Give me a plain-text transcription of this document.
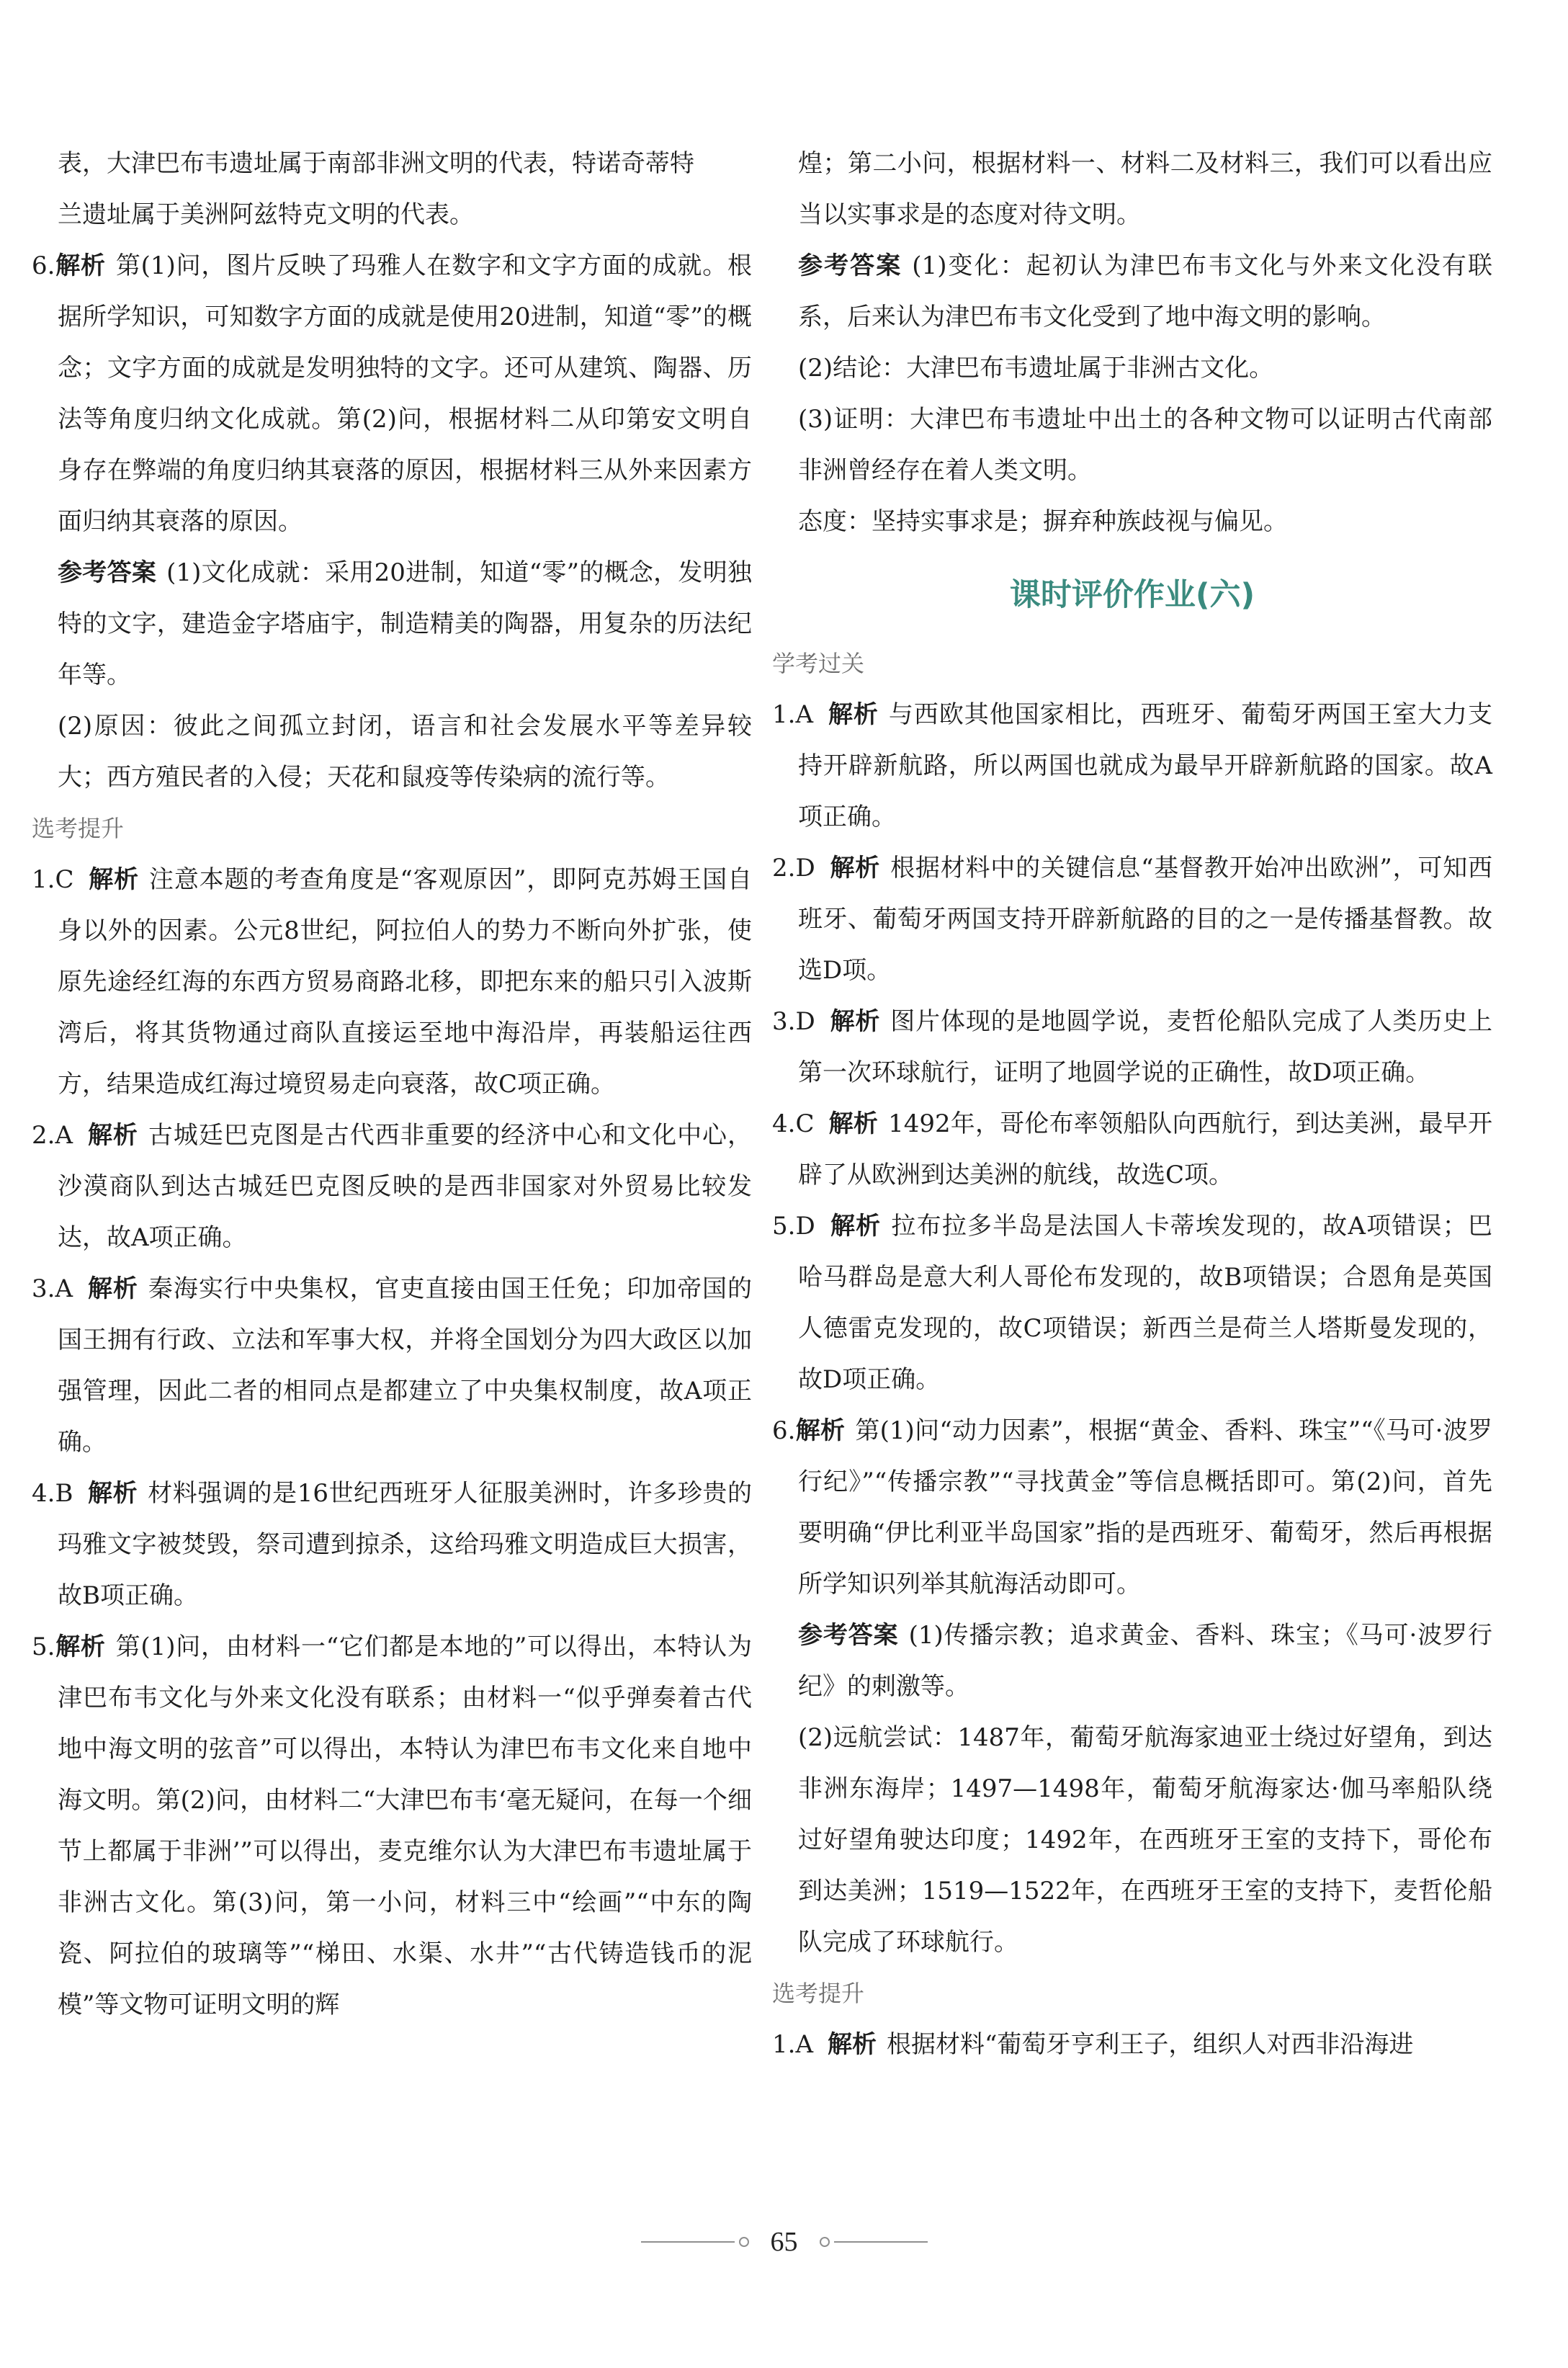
表，大津巴布韦遗址属于南部非洲文明的代表，特诺奇蒂特
兰遗址属于美洲阿兹特克文明的代表。

6.解析 第(1)问，图片反映了玛雅人在数字和文字方面的成就。根据所学知识，可知数字方面的成就是使用20进制，知道“零”的概念；文字方面的成就是发明独特的文字。还可从建筑、陶器、历法等角度归纳文化成就。第(2)问，根据材料二从印第安文明自身存在弊端的角度归纳其衰落的原因，根据材料三从外来因素方面归纳其衰落的原因。

参考答案 (1)文化成就：采用20进制，知道“零”的概念，发明独特的文字，建造金字塔庙宇，制造精美的陶器，用复杂的历法纪年等。

(2)原因：彼此之间孤立封闭，语言和社会发展水平等差异较大；西方殖民者的入侵；天花和鼠疫等传染病的流行等。

选考提升

1.C 解析 注意本题的考查角度是“客观原因”，即阿克苏姆王国自身以外的因素。公元8世纪，阿拉伯人的势力不断向外扩张，使原先途经红海的东西方贸易商路北移，即把东来的船只引入波斯湾后，将其货物通过商队直接运至地中海沿岸，再装船运往西方，结果造成红海过境贸易走向衰落，故C项正确。

2.A 解析 古城廷巴克图是古代西非重要的经济中心和文化中心，沙漠商队到达古城廷巴克图反映的是西非国家对外贸易比较发达，故A项正确。

3.A 解析 秦海实行中央集权，官吏直接由国王任免；印加帝国的国王拥有行政、立法和军事大权，并将全国划分为四大政区以加强管理，因此二者的相同点是都建立了中央集权制度，故A项正确。

4.B 解析 材料强调的是16世纪西班牙人征服美洲时，许多珍贵的玛雅文字被焚毁，祭司遭到掠杀，这给玛雅文明造成巨大损害，故B项正确。

5.解析 第(1)问，由材料一“它们都是本地的”可以得出，本特认为津巴布韦文化与外来文化没有联系；由材料一“似乎弹奏着古代地中海文明的弦音”可以得出，本特认为津巴布韦文化来自地中海文明。第(2)问，由材料二“大津巴布韦‘毫无疑问，在每一个细节上都属于非洲’”可以得出，麦克维尔认为大津巴布韦遗址属于非洲古文化。第(3)问，第一小问，材料三中“绘画”“中东的陶瓷、阿拉伯的玻璃等”“梯田、水渠、水井”“古代铸造钱币的泥模”等文物可证明文明的辉

煌；第二小问，根据材料一、材料二及材料三，我们可以看出应当以实事求是的态度对待文明。

参考答案 (1)变化：起初认为津巴布韦文化与外来文化没有联系，后来认为津巴布韦文化受到了地中海文明的影响。

(2)结论：大津巴布韦遗址属于非洲古文化。

(3)证明：大津巴布韦遗址中出土的各种文物可以证明古代南部非洲曾经存在着人类文明。

态度：坚持实事求是；摒弃种族歧视与偏见。

课时评价作业(六)

学考过关

1.A 解析 与西欧其他国家相比，西班牙、葡萄牙两国王室大力支持开辟新航路，所以两国也就成为最早开辟新航路的国家。故A项正确。

2.D 解析 根据材料中的关键信息“基督教开始冲出欧洲”，可知西班牙、葡萄牙两国支持开辟新航路的目的之一是传播基督教。故选D项。

3.D 解析 图片体现的是地圆学说，麦哲伦船队完成了人类历史上第一次环球航行，证明了地圆学说的正确性，故D项正确。

4.C 解析 1492年，哥伦布率领船队向西航行，到达美洲，最早开辟了从欧洲到达美洲的航线，故选C项。

5.D 解析 拉布拉多半岛是法国人卡蒂埃发现的，故A项错误；巴哈马群岛是意大利人哥伦布发现的，故B项错误；合恩角是英国人德雷克发现的，故C项错误；新西兰是荷兰人塔斯曼发现的，故D项正确。

6.解析 第(1)问“动力因素”，根据“黄金、香料、珠宝”“《马可·波罗行纪》”“传播宗教”“寻找黄金”等信息概括即可。第(2)问，首先要明确“伊比利亚半岛国家”指的是西班牙、葡萄牙，然后再根据所学知识列举其航海活动即可。

参考答案 (1)传播宗教；追求黄金、香料、珠宝；《马可·波罗行纪》的刺激等。

(2)远航尝试：1487年，葡萄牙航海家迪亚士绕过好望角，到达非洲东海岸；1497—1498年，葡萄牙航海家达·伽马率船队绕过好望角驶达印度；1492年，在西班牙王室的支持下，哥伦布到达美洲；1519—1522年，在西班牙王室的支持下，麦哲伦船队完成了环球航行。

选考提升

1.A 解析 根据材料“葡萄牙亨利王子，组织人对西非沿海进

65
